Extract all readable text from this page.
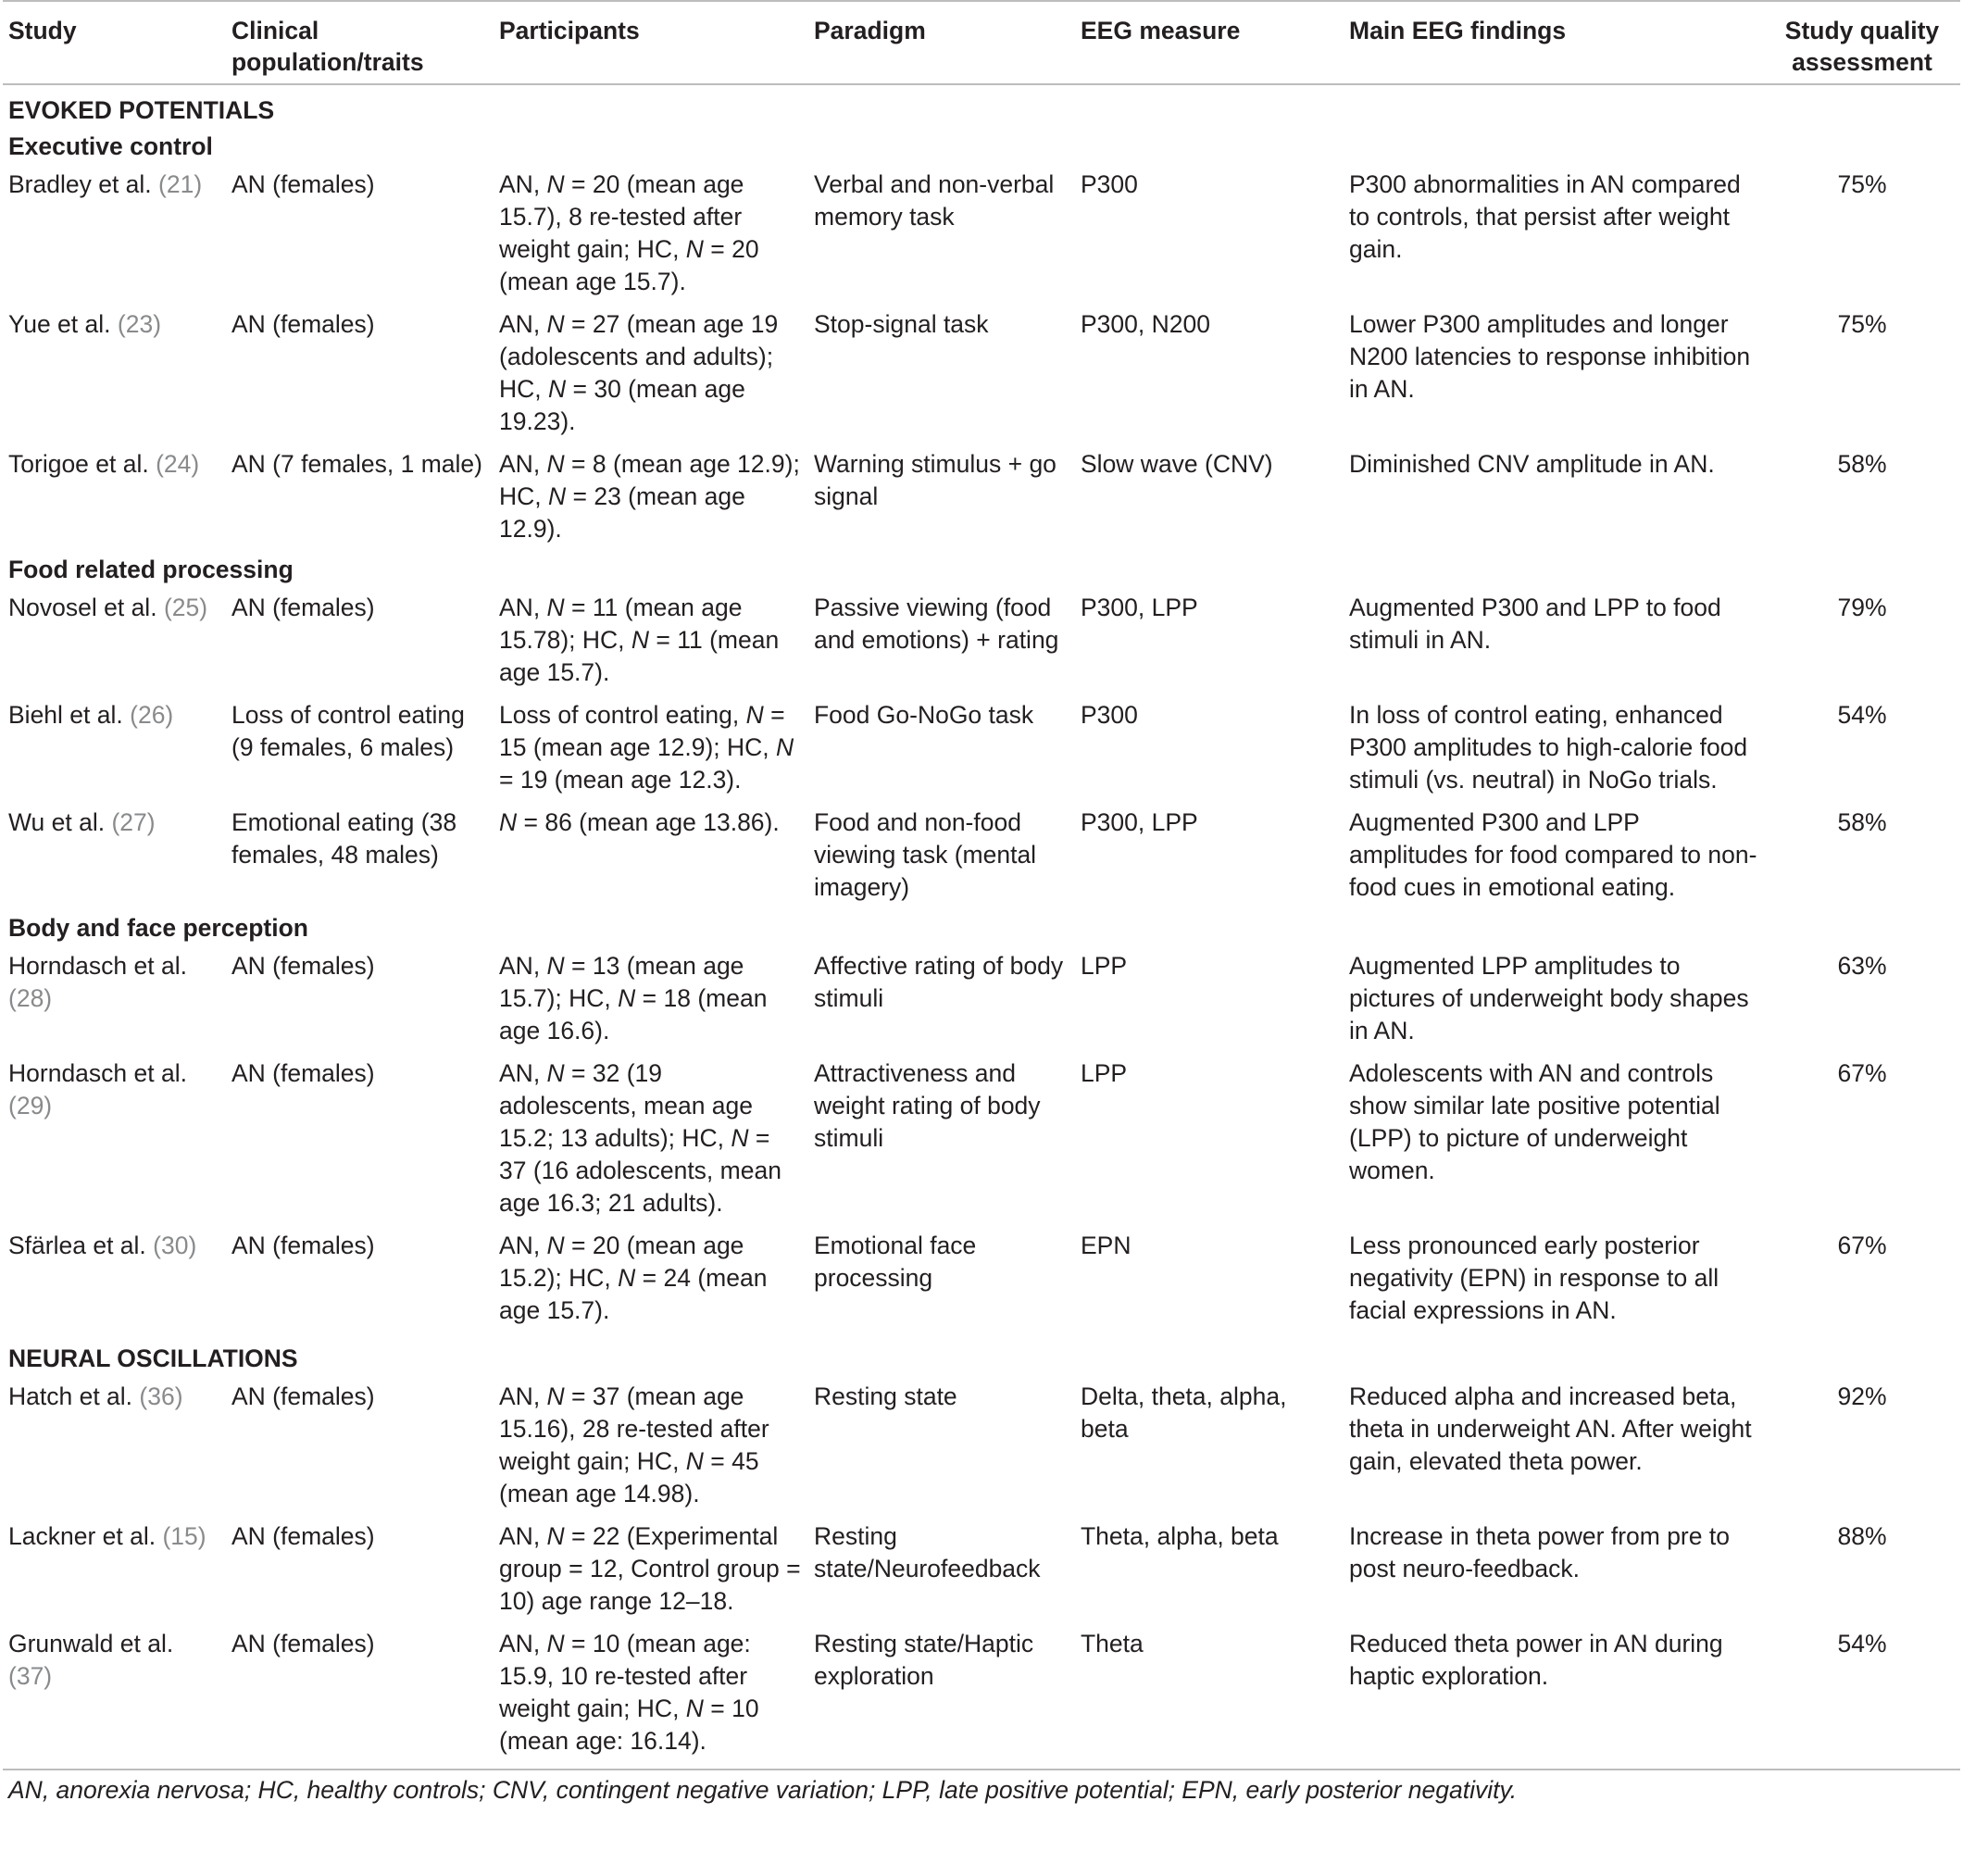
Study	Clinical population/traits	Participants	Paradigm	EEG measure	Main EEG findings	Study quality assessment
EVOKED POTENTIALS						
Executive control						
Bradley et al. (21)	AN (females)	AN, N = 20 (mean age 15.7), 8 re-tested after weight gain; HC, N = 20 (mean age 15.7).	Verbal and non-verbal memory task	P300	P300 abnormalities in AN compared to controls, that persist after weight gain.	75%
Yue et al. (23)	AN (females)	AN, N = 27 (mean age 19 (adolescents and adults); HC, N = 30 (mean age 19.23).	Stop-signal task	P300, N200	Lower P300 amplitudes and longer N200 latencies to response inhibition in AN.	75%
Torigoe et al. (24)	AN (7 females, 1 male)	AN, N = 8 (mean age 12.9); HC, N = 23 (mean age 12.9).	Warning stimulus + go signal	Slow wave (CNV)	Diminished CNV amplitude in AN.	58%
Food related processing						
Novosel et al. (25)	AN (females)	AN, N = 11 (mean age 15.78); HC, N = 11 (mean age 15.7).	Passive viewing (food and emotions) + rating	P300, LPP	Augmented P300 and LPP to food stimuli in AN.	79%
Biehl et al. (26)	Loss of control eating (9 females, 6 males)	Loss of control eating, N = 15 (mean age 12.9); HC, N = 19 (mean age 12.3).	Food Go-NoGo task	P300	In loss of control eating, enhanced P300 amplitudes to high-calorie food stimuli (vs. neutral) in NoGo trials.	54%
Wu et al. (27)	Emotional eating (38 females, 48 males)	N = 86 (mean age 13.86).	Food and non-food viewing task (mental imagery)	P300, LPP	Augmented P300 and LPP amplitudes for food compared to non-food cues in emotional eating.	58%
Body and face perception						
Horndasch et al. (28)	AN (females)	AN, N = 13 (mean age 15.7); HC, N = 18 (mean age 16.6).	Affective rating of body stimuli	LPP	Augmented LPP amplitudes to pictures of underweight body shapes in AN.	63%
Horndasch et al. (29)	AN (females)	AN, N = 32 (19 adolescents, mean age 15.2; 13 adults); HC, N = 37 (16 adolescents, mean age 16.3; 21 adults).	Attractiveness and weight rating of body stimuli	LPP	Adolescents with AN and controls show similar late positive potential (LPP) to picture of underweight women.	67%
Sfärlea et al. (30)	AN (females)	AN, N = 20 (mean age 15.2); HC, N = 24 (mean age 15.7).	Emotional face processing	EPN	Less pronounced early posterior negativity (EPN) in response to all facial expressions in AN.	67%
NEURAL OSCILLATIONS						
Hatch et al. (36)	AN (females)	AN, N = 37 (mean age 15.16), 28 re-tested after weight gain; HC, N = 45 (mean age 14.98).	Resting state	Delta, theta, alpha, beta	Reduced alpha and increased beta, theta in underweight AN. After weight gain, elevated theta power.	92%
Lackner et al. (15)	AN (females)	AN, N = 22 (Experimental group = 12, Control group = 10) age range 12–18.	Resting state/Neurofeedback	Theta, alpha, beta	Increase in theta power from pre to post neuro-feedback.	88%
Grunwald et al. (37)	AN (females)	AN, N = 10 (mean age: 15.9, 10 re-tested after weight gain; HC, N = 10 (mean age: 16.14).	Resting state/Haptic exploration	Theta	Reduced theta power in AN during haptic exploration.	54%
AN, anorexia nervosa; HC, healthy controls; CNV, contingent negative variation; LPP, late positive potential; EPN, early posterior negativity.
